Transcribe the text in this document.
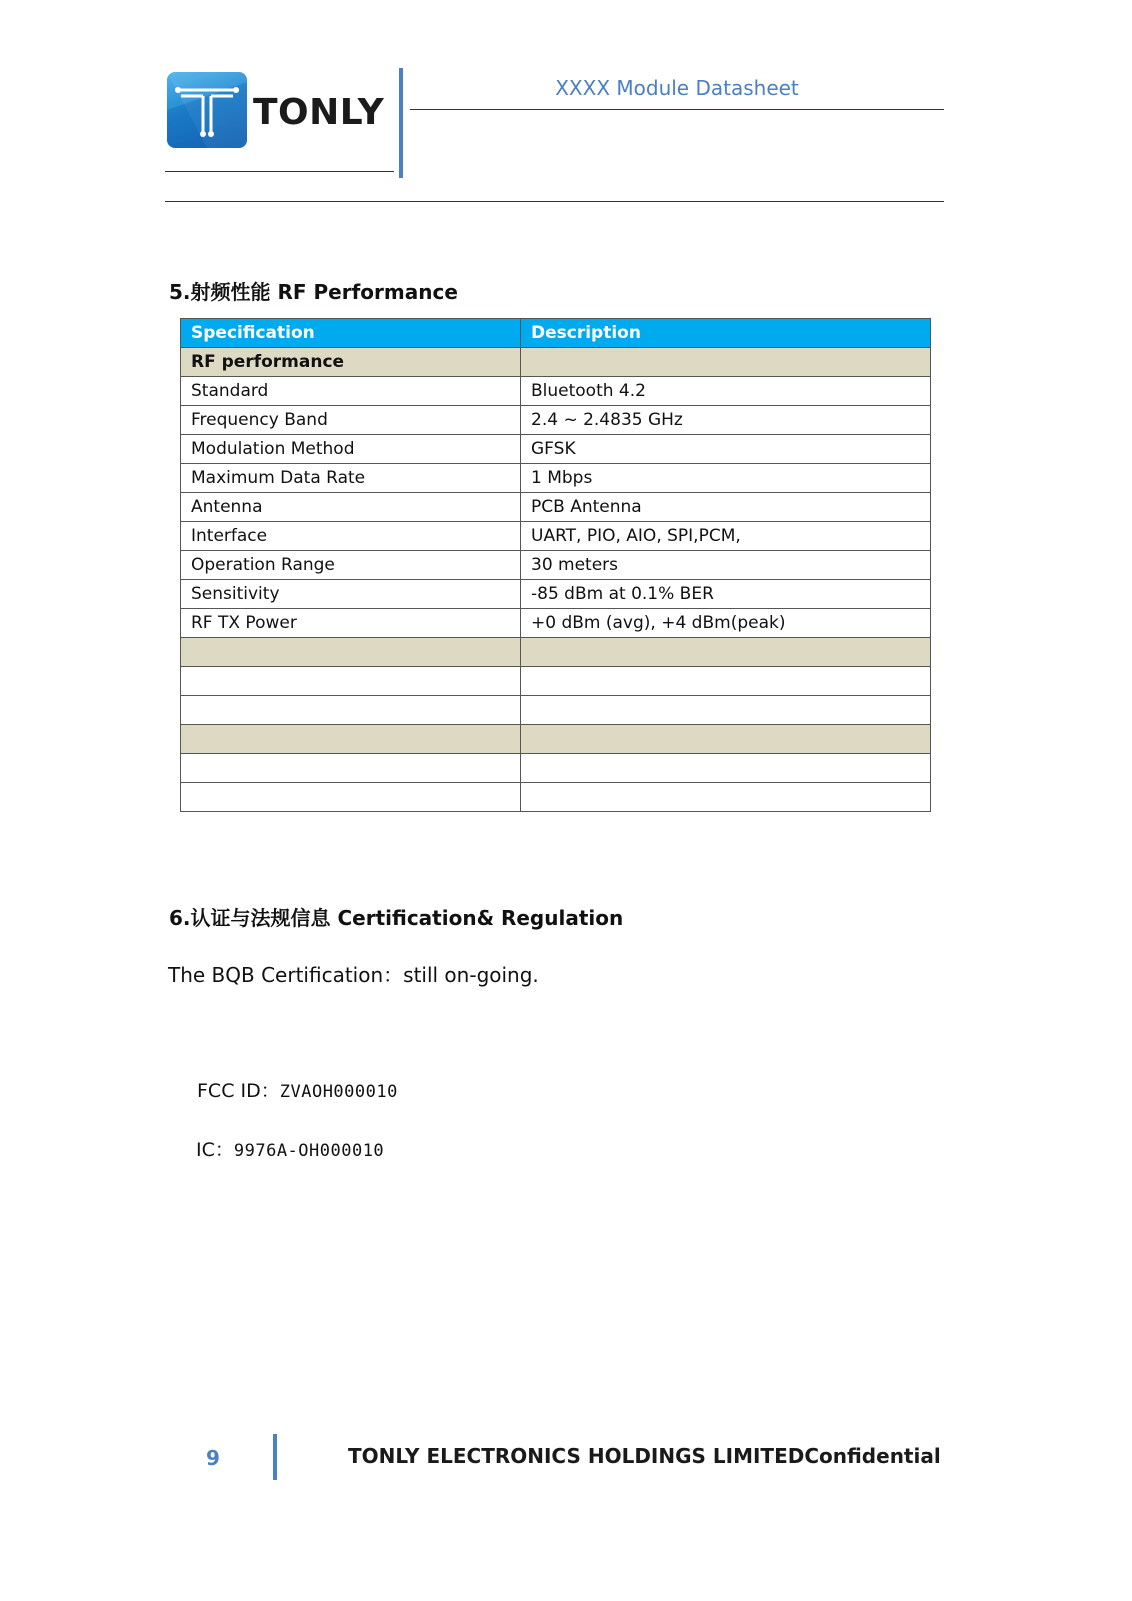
TONLY
XXXX Module Datasheet
5.射频性能 RF Performance
Specification	Description
RF performance	
Standard	Bluetooth 4.2
Frequency Band	2.4 ~ 2.4835 GHz
Modulation Method	GFSK
Maximum Data Rate	1 Mbps
Antenna	PCB Antenna
Interface	UART, PIO, AIO, SPI,PCM,
Operation Range	30 meters
Sensitivity	-85 dBm at 0.1% BER
RF TX Power	+0 dBm (avg), +4 dBm(peak)

6.认证与法规信息 Certification& Regulation
The BQB Certification：still on-going.
FCC ID：ZVAOH000010
IC：9976A-OH000010
9	TONLY ELECTRONICS HOLDINGS LIMITEDConfidential
